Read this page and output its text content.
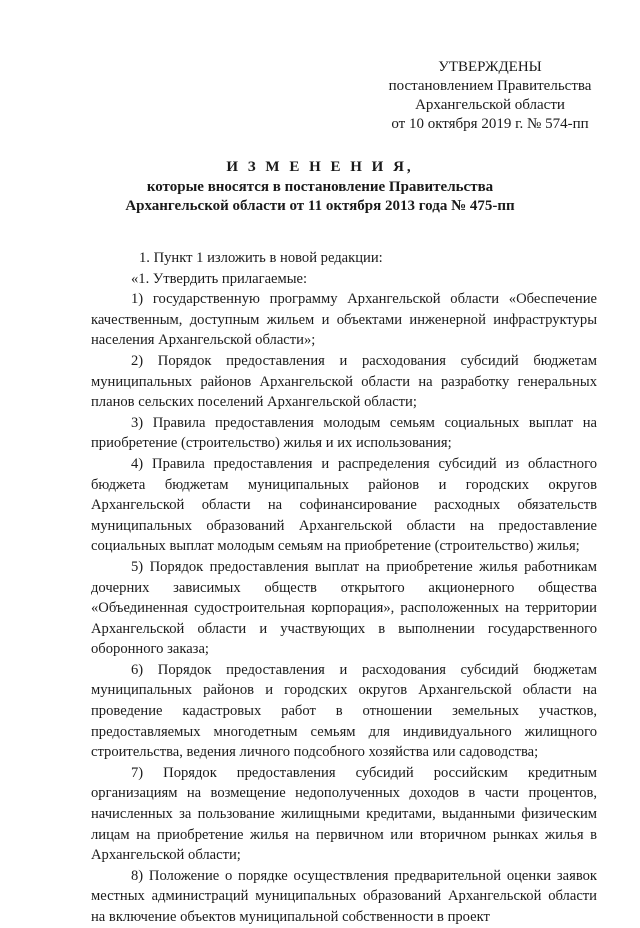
УТВЕРЖДЕНЫ
постановлением Правительства
Архангельской области
от 10 октября 2019 г. № 574-пп
И З М Е Н Е Н И Я,
которые вносятся в постановление Правительства
Архангельской области от 11 октября 2013 года № 475-пп

1. Пункт 1 изложить в новой редакции:

«1. Утвердить прилагаемые:

1) государственную программу Архангельской области «Обеспечение качественным, доступным жильем и объектами инженерной инфраструктуры населения Архангельской области»;

2) Порядок предоставления и расходования субсидий бюджетам муниципальных районов Архангельской области на разработку генеральных планов сельских поселений Архангельской области;

3) Правила предоставления молодым семьям социальных выплат на приобретение (строительство) жилья и их использования;

4) Правила предоставления и распределения субсидий из областного бюджета бюджетам муниципальных районов и городских округов Архангельской области на софинансирование расходных обязательств муниципальных образований Архангельской области на предоставление социальных выплат молодым семьям на приобретение (строительство) жилья;

5) Порядок предоставления выплат на приобретение жилья работникам дочерних зависимых обществ открытого акционерного общества «Объединенная судостроительная корпорация», расположенных на территории Архангельской области и участвующих в выполнении государственного оборонного заказа;

6) Порядок предоставления и расходования субсидий бюджетам муниципальных районов и городских округов Архангельской области на проведение кадастровых работ в отношении земельных участков, предоставляемых многодетным семьям для индивидуального жилищного строительства, ведения личного подсобного хозяйства или садоводства;

7) Порядок предоставления субсидий российским кредитным организациям на возмещение недополученных доходов в части процентов, начисленных за пользование жилищными кредитами, выданными физическим лицам на приобретение жилья на первичном или вторичном рынках жилья в Архангельской области;

8) Положение о порядке осуществления предварительной оценки заявок местных администраций муниципальных образований Архангельской области на включение объектов муниципальной собственности в проект
